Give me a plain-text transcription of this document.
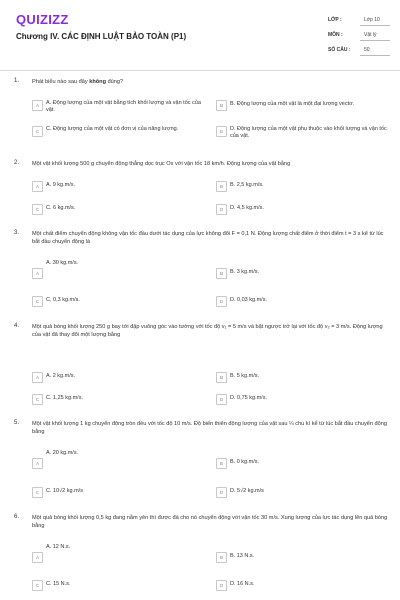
QUIZIZZ
Chương IV. CÁC ĐỊNH LUẬT BẢO TOÀN (P1)
LỚP :	Lớp 10
MÔN :	Vật lý
SỐ CÂU :	50
1. Phát biểu nào sau đây không đúng?
A	A. Động lượng của một vật bằng tích khối lượng và vận tốc của vật.
B	B. Động lượng của một vật là một đại lượng vectơ.
C	C. Động lượng của một vật có đơn vị của năng lượng.	D	D. Động lượng của một vật phụ thuộc vào khối lượng và vận tốc của vật.
2. Một vật khối lượng 500 g chuyển động thẳng dọc trục Ox với vận tốc 18 km/h. Động lượng của vật bằng
A	A. 9 kg.m/s.	B	B. 2,5 kg.m/s.
C	C. 6 kg.m/s.	D	D. 4,5 kg.m/s.
3. Một chất điểm chuyển động không vận tốc đầu dưới tác dụng của lực không đổi F = 0,1 N. Động lượng chất điểm ở thời điểm t = 3 s kể từ lúc bắt đầu chuyển động là
A
A. 30 kg.m/s.
B	B. 3 kg.m/s.
C	C. 0,3 kg.m/s.	D	D. 0,03 kg.m/s.
4. Một quả bóng khối lượng 250 g bay tới đập vuông góc vào tường với tốc độ v₁ = 5 m/s và bật ngược trở lại với tốc độ v₂ = 3 m/s. Động lượng của vật đã thay đổi một lượng bằng
A	A. 2 kg.m/s.	B	B. 5 kg.m/s.
C	C. 1,25 kg.m/s.	D	D. 0,75 kg.m/s.
5. Một vật khối lượng 1 kg chuyển động tròn đều với tốc độ 10 m/s. Độ biến thiên động lượng của vật sau ¼ chu kì kể từ lúc bắt đầu chuyển động bằng
A
A. 20 kg.m/s.
B	B. 0 kg.m/s.
C	C. 10√2 kg.m/s	D	D. 5√2 kg.m/s
6. Một quả bóng khối lượng 0,5 kg đang nằm yên thì được đá cho nó chuyển động với vận tốc 30 m/s. Xung lượng của lực tác dụng lên quả bóng bằng
A
A. 12 N.s.
B	B. 13 N.s.
C	C. 15 N.s.	D	D. 16 N.s.
